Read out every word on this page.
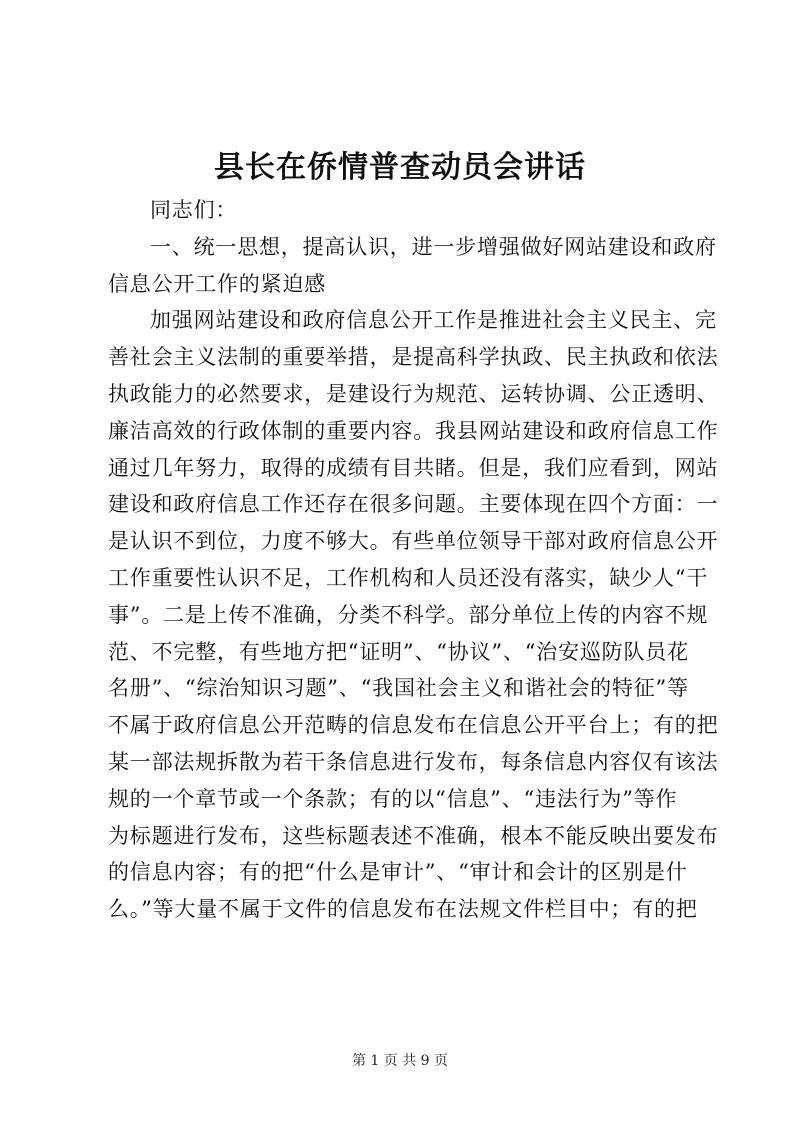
县长在侨情普查动员会讲话
同志们：
一、统一思想，提高认识，进一步增强做好网站建设和政府
信息公开工作的紧迫感
加强网站建设和政府信息公开工作是推进社会主义民主、完
善社会主义法制的重要举措，是提高科学执政、民主执政和依法
执政能力的必然要求，是建设行为规范、运转协调、公正透明、
廉洁高效的行政体制的重要内容。我县网站建设和政府信息工作
通过几年努力，取得的成绩有目共睹。但是，我们应看到，网站
建设和政府信息工作还存在很多问题。主要体现在四个方面：一
是认识不到位，力度不够大。有些单位领导干部对政府信息公开
工作重要性认识不足，工作机构和人员还没有落实，缺少人“干
事”。二是上传不准确，分类不科学。部分单位上传的内容不规
范、不完整，有些地方把“证明”、“协议”、“治安巡防队员花
名册”、“综治知识习题”、“我国社会主义和谐社会的特征”等
不属于政府信息公开范畴的信息发布在信息公开平台上；有的把
某一部法规拆散为若干条信息进行发布，每条信息内容仅有该法
规的一个章节或一个条款；有的以“信息”、“违法行为”等作
为标题进行发布，这些标题表述不准确，根本不能反映出要发布
的信息内容；有的把“什么是审计”、“审计和会计的区别是什
么。”等大量不属于文件的信息发布在法规文件栏目中；有的把
第 1 页 共 9 页
